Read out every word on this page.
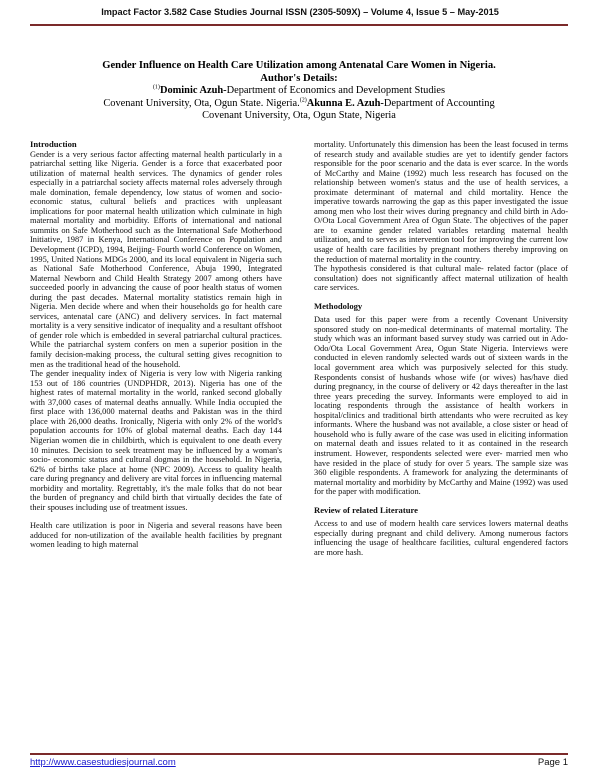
Impact Factor 3.582 Case Studies Journal ISSN (2305-509X) – Volume 4, Issue 5 – May-2015
Gender Influence on Health Care Utilization among Antenatal Care Women in Nigeria.
Author's Details:
$^{(1)}$Dominic Azuh-Department of Economics and Development Studies
Covenant University, Ota, Ogun State. Nigeria.$^{(2)}$Akunna E. Azuh-Department of Accounting
Covenant University, Ota, Ogun State, Nigeria

Introduction

Gender is a very serious factor affecting maternal health particularly in a patriarchal setting like Nigeria. Gender is a force that exacerbated poor utilization of maternal health services. The dynamics of gender roles especially in a patriarchal society affects maternal roles adversely through male domination, female dependency, low status of women and socio-economic status, cultural beliefs and practices with unpleasant implications for poor maternal health utilization which culminate in high maternal mortality and morbidity. Efforts of international and national summits on Safe Motherhood such as the International Safe Motherhood Initiative, 1987 in Kenya, International Conference on Population and Development (ICPD), 1994, Beijing- Fourth world Conference on Women, 1995, United Nations MDGs 2000, and its local equivalent in Nigeria such as National Safe Motherhood Conference, Abuja 1990, Integrated Maternal Newborn and Child Health Strategy 2007 among others have succeeded poorly in advancing the cause of poor health status of women during the past decades. Maternal mortality statistics remain high in Nigeria. Men decide where and when their households go for health care services, antenatal care (ANC) and delivery services. In fact maternal mortality is a very sensitive indicator of inequality and a resultant offshoot of gender role which is embedded in several patriarchal cultural practices. While the patriarchal system confers on men a superior position in the family decision-making process, the cultural setting gives recognition to men as the traditional head of the household.

The gender inequality index of Nigeria is very low with Nigeria ranking 153 out of 186 countries (UNDPHDR, 2013). Nigeria has one of the highest rates of maternal mortality in the world, ranked second globally with 37,000 cases of maternal deaths annually. While India occupied the first place with 136,000 maternal deaths and Pakistan was in the third place with 26,000 deaths. Ironically, Nigeria with only 2% of the world's population accounts for 10% of global maternal deaths. Each day 144 Nigerian women die in childbirth, which is equivalent to one death every 10 minutes. Decision to seek treatment may be influenced by a woman's socio- economic status and cultural dogmas in the household. In Nigeria, 62% of births take place at home (NPC 2009). Access to quality health care during pregnancy and delivery are vital forces in influencing maternal morbidity and mortality. Regrettably, it's the male folks that do not bear the burden of pregnancy and child birth that virtually decides the fate of their spouses including use of treatment issues.

Health care utilization is poor in Nigeria and several reasons have been adduced for non-utilization of the available health facilities by pregnant women leading to high maternal

mortality. Unfortunately this dimension has been the least focused in terms of research study and available studies are yet to identify gender factors responsible for the poor scenario and the data is ever scarce. In the words of McCarthy and Maine (1992) much less research has focused on the relationship between women's status and the use of health services, a proximate determinant of maternal and child mortality. Hence the imperative towards narrowing the gap as this paper investigated the issue among men who lost their wives during pregnancy and child birth in Ado-O/Ota Local Government Area of Ogun State. The objectives of the paper are to examine gender related variables retarding maternal health utilization, and to serves as intervention tool for improving the current low usage of health care facilities by pregnant mothers thereby improving on the reduction of maternal mortality in the country.

The hypothesis considered is that cultural male- related factor (place of consultation) does not significantly affect maternal utilization of health care services.

Methodology

Data used for this paper were from a recently Covenant University sponsored study on non-medical determinants of maternal mortality. The study which was an informant based survey study was carried out in Ado-Odo/Ota Local Government Area, Ogun State Nigeria. Interviews were conducted in eleven randomly selected wards out of sixteen wards in the local government area which was purposively selected for this study. Respondents consist of husbands whose wife (or wives) has/have died during pregnancy, in the course of delivery or 42 days thereafter in the last three years preceding the survey. Informants were employed to aid in locating respondents through the assistance of health workers in hospital/clinics and traditional birth attendants who were recruited as key informants. Where the husband was not available, a close sister or head of household who is fully aware of the case was used in eliciting information on maternal death and issues related to it as contained in the research instrument. However, respondents selected were ever- married men who have resided in the place of study for over 5 years. The sample size was 360 eligible respondents. A framework for analyzing the determinants of maternal mortality and morbidity by McCarthy and Maine (1992) was used for the paper with modification.

Review of related Literature

Access to and use of modern health care services lowers maternal deaths especially during pregnant and child delivery. Among numerous factors influencing the usage of healthcare facilities, cultural engendered factors are more hash.

http://www.casestudiesjournal.com	Page 1
